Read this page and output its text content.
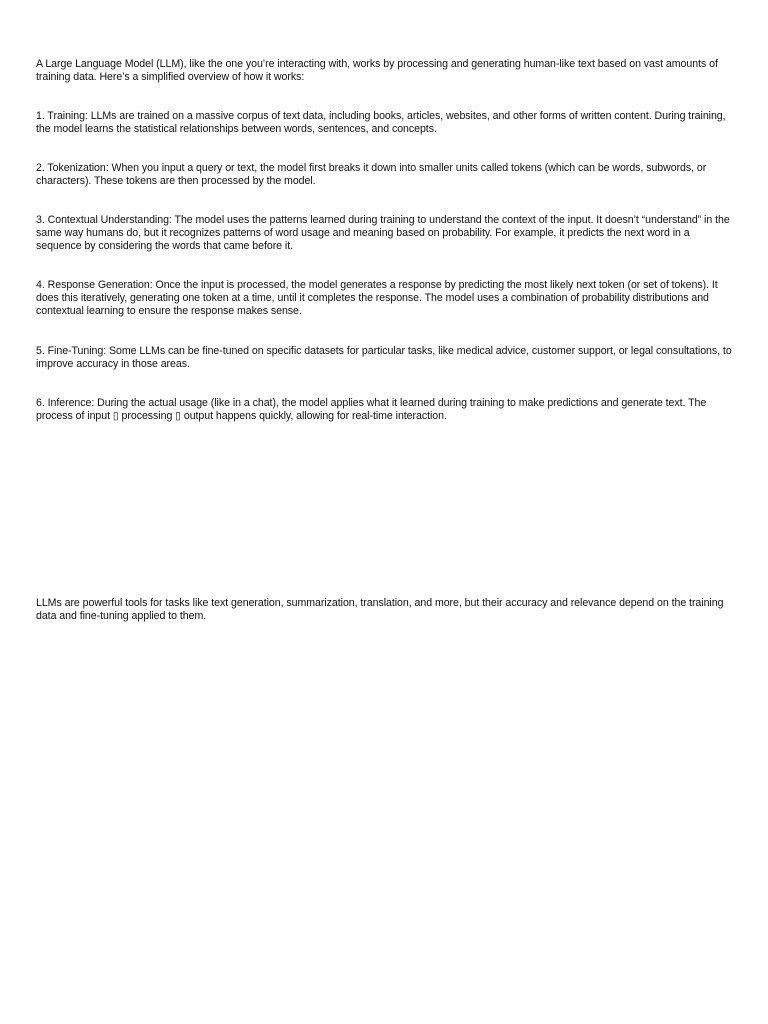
A Large Language Model (LLM), like the one you’re interacting with, works by processing and generating human-like text based on vast amounts of training data. Here’s a simplified overview of how it works:

1. Training: LLMs are trained on a massive corpus of text data, including books, articles, websites, and other forms of written content. During training, the model learns the statistical relationships between words, sentences, and concepts.

2. Tokenization: When you input a query or text, the model first breaks it down into smaller units called tokens (which can be words, subwords, or characters). These tokens are then processed by the model.

3. Contextual Understanding: The model uses the patterns learned during training to understand the context of the input. It doesn’t “understand” in the same way humans do, but it recognizes patterns of word usage and meaning based on probability. For example, it predicts the next word in a sequence by considering the words that came before it.

4. Response Generation: Once the input is processed, the model generates a response by predicting the most likely next token (or set of tokens). It does this iteratively, generating one token at a time, until it completes the response. The model uses a combination of probability distributions and contextual learning to ensure the response makes sense.

5. Fine-Tuning: Some LLMs can be fine-tuned on specific datasets for particular tasks, like medical advice, customer support, or legal consultations, to improve accuracy in those areas.

6. Inference: During the actual usage (like in a chat), the model applies what it learned during training to make predictions and generate text. The process of input ▯ processing ▯ output happens quickly, allowing for real-time interaction.

LLMs are powerful tools for tasks like text generation, summarization, translation, and more, but their accuracy and relevance depend on the training data and fine-tuning applied to them.
